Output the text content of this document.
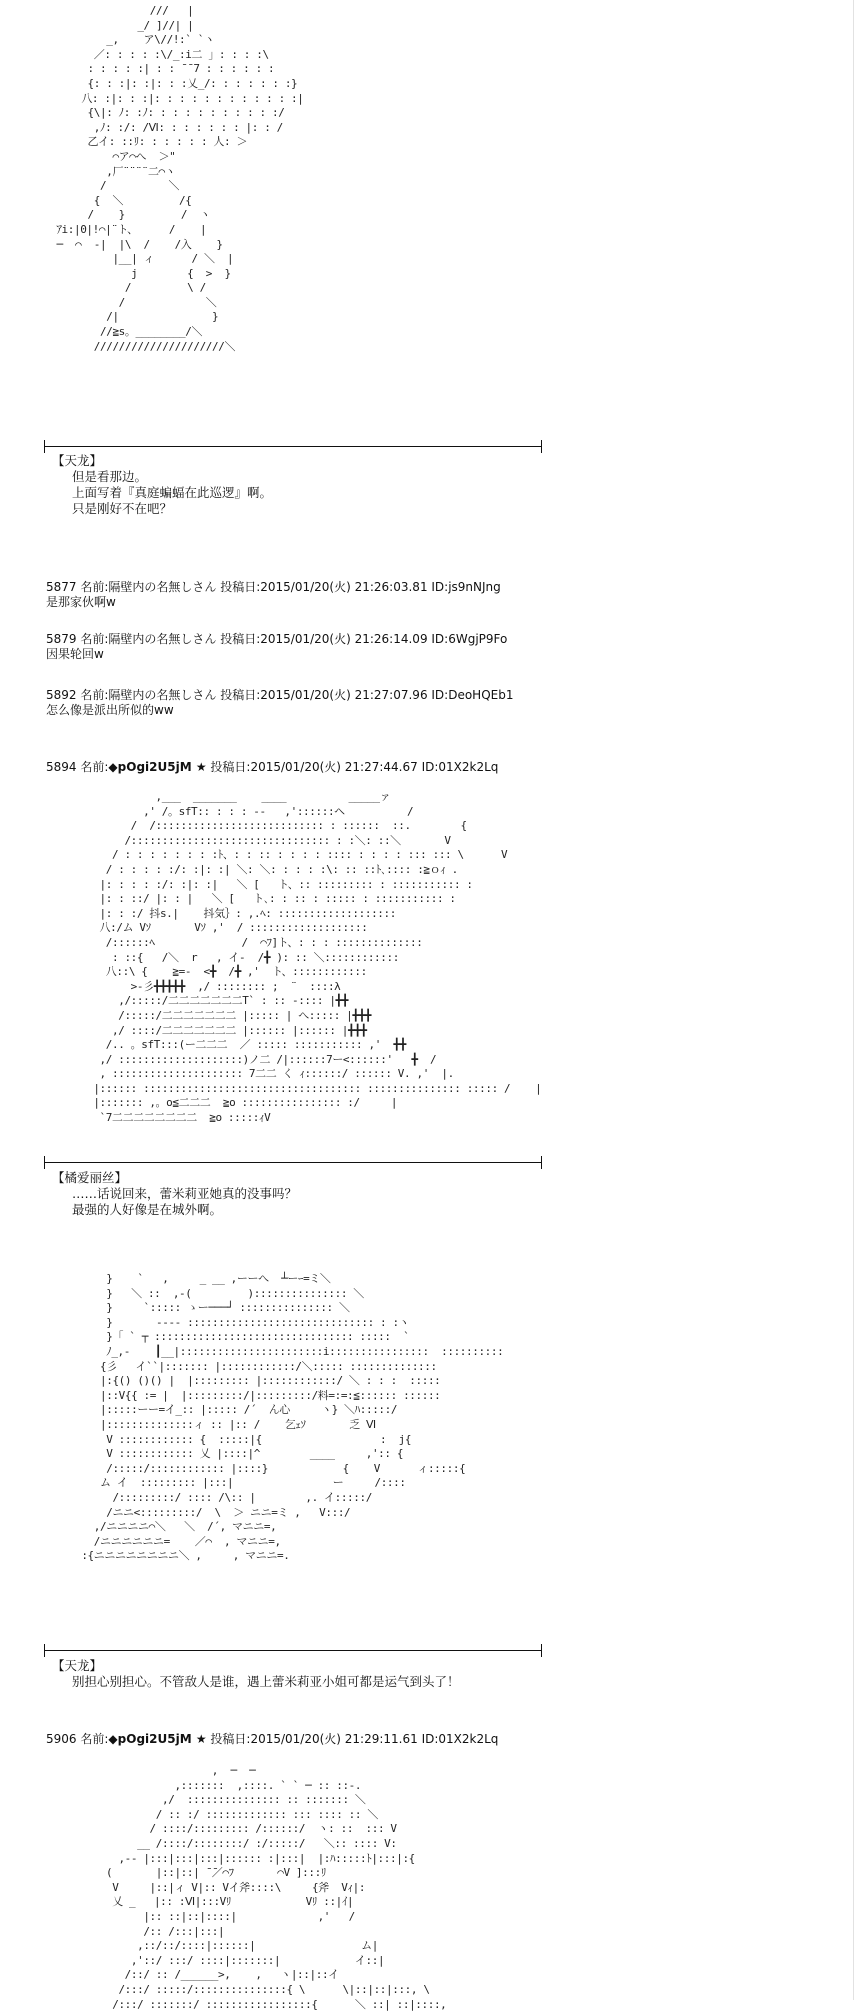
///   |
_/ ]//| |
_,    ア\//!:` `ヽ
／: : : : :\/_:i二 」: : : :\
: : : : :| : : ̄ ̄ 7 : : : : : :
{: : :|: :|: : :乂_/: : : : : : :}
八: :|: : :|: : : : : : : : : : : :|
{\|: ﾉ: :ﾉ: : : : : : : : : : :/
,ﾉ: :/: /Ⅵ: : : : : : : |: : /
乙イ: ::ﾘ: : : : : : 人: ＞
⌒ア⌒へ  ＞"
,厂¨¨¨¨二⌒ヽ
/          ＼
{  ＼         /{
/    }         /  ヽ
ｱi:|0|!⌒|¨ト、     /    |
─  ⌒  -|  |\  /    /入    }
|__| ィ      / ＼  |
j        {  >  }
/         \ /
/             ＼
/|               }
//≧s。________/＼
/////////////////////＼
【天龙】
但是看那边。
上面写着『真庭蝙蝠在此巡逻』啊。
只是刚好不在吧？
5877 名前:隔壁内の名無しさん 投稿日:2015/01/20(火) 21:26:03.81 ID:js9nNJng
是那家伙啊w
5879 名前:隔壁内の名無しさん 投稿日:2015/01/20(火) 21:26:14.09 ID:6WgjP9Fo
因果轮回w
5892 名前:隔壁内の名無しさん 投稿日:2015/01/20(火) 21:27:07.96 ID:DeoHQEb1
怎么像是派出所似的ww
5894 名前:◆pOgi2U5jM ★ 投稿日:2015/01/20(火) 21:27:44.67 ID:01X2k2Lq
,___  _______    ____          _____ァ
,' /。sfT:: : : : --   ,'::::::ヘ          /
/  /::::::::::::::::::::::::::: : ::::::  ::.        {
/:::::::::::::::::::::::::::::::: : :＼: ::＼       V
/ : : : : : : : :ﾄ、: : :: : : : : :::: : : : : ::: ::: \      V
/ : : : : :/: :|: :| ＼: ＼: : : : :\: :: ::ﾄ､:::: :≧ｏｨ .
|: : : : :/: :|: :|   ＼ [   ト、:: ::::::::: : ::::::::::: :
|: : ::/ |: : |   ＼ [   ト､: : :: : ::::: : ::::::::::: :
|: : :/ 抖s.|    抖気｝: ,.ﾍ: :::::::::::::::::::
八:/ム Vｿ       Vｿ ,'  / :::::::::::::::::::
/::::::ﾍ              /  ⌒ﾌ]ト、: : : ::::::::::::::
: ::{   /＼  r   , イ-  /╋ ): :: ＼::::::::::::
八::\ {    ≧=-  <╋  /╋ ,'  ト、::::::::::::
>-彡╋╋╋╋╋  ,/ :::::::: ;  ¨  ::::λ
,/:::::/二二二二二二二T` : :: -:::: |╋╋
/:::::/二二二二二二二 |::::: | へ::::: |╋╋╋
,/ ::::/二二二二二二二 |:::::: |:::::: |╋╋╋
/.. 。sfT:::(ー二二二  ／ ::::: ::::::::::: ,'  ╋╋
,/ ::::::::::::::::::::)ノ二 /|::::::7ー<::::::'   ╋  /
, ::::::::::::::::::::: 7二二 く ｨ::::::/ :::::: V. ,'  |.
|:::::: ::::::::::::::::::::::::::::::::::: ::::::::::::::: ::::: /    |
|::::::: ,。o≦二二二  ≧o :::::::::::::::: :/     |
`7二二二二二二二二  ≧o :::::ｨV
【橘爱丽丝】
……话说回来，蕾米莉亚她真的没事吗？
最强的人好像是在城外啊。
}    `   ,     _ __ ,ーーへ  ┴ーｰ=ミ＼
}   ＼ ::  ,-(         )::::::::::::::: ＼
}     `::::: ゝー───┘ ::::::::::::::: ＼
}       ---- :::::::::::::::::::::::::::::: : :ヽ
}「 ` ┬ :::::::::::::::::::::::::::::::: :::::  `
ﾉ_,-    ┃__|:::::::::::::::::::::::i::::::::::::::::  ::::::::::
{彡   イ``|::::::: |::::::::::::/＼::::: ::::::::::::::
|:{() ()() |  |::::::::: |::::::::::::/ ＼ : : :  :::::
|::V{{ := |  |:::::::::/|:::::::::/料=:=:≦:::::: ::::::
|:::::ーー=イ_:: |::::: /´  ん心     ヽ} ＼ﾊ:::::/
|::::::::::::::ィ :: |:: /    乞ｪｿ       乏 Ⅵ
V :::::::::::: {  :::::|{                   :  j{
V :::::::::::: 乂 |::::|^        ____     ,':: {
/:::::/:::::::::::: |::::}            {    V      ィ:::::{
ム イ  ::::::::: |:::|                ー     /::::
/:::::::::/ :::: /\:: |        ,. イ:::::/
/ニニ<:::::::::/  \  ＞ ニニ=ミ ,   V:::/
,/ニニニニ⌒＼   ＼  /´, マニニ=,
/ニニニニニニ=    ／⌒  , マニニ=,
:{ニニニニニニニニ＼ ,     , マニニ=.
【天龙】
别担心别担心。不管敌人是谁，遇上蕾米莉亚小姐可都是运气到头了！
5906 名前:◆pOgi2U5jM ★ 投稿日:2015/01/20(火) 21:29:11.61 ID:01X2k2Lq
,  ─  ─
,:::::::  ,::::. ` ` ─ :: ::-.
,/  ::::::::::::::: :: ::::::: ＼
/ :: :/ ::::::::::::: ::: :::: :: ＼
/ ::::/::::::::: /::::::/  ヽ: ::  ::: V
__ /::::/::::::::/ :/:::::/   ＼:: :::: V:
,-- |:::|:::|:::|:::::: :|:::|  |:ﾊ:::::ﾄ|:::|:{
(       |::|::| ̄ ̄／⌒ﾌ       ⌒V ]:::ﾘ
V     |::|ィ V|:: Vイ斧::::\     {斧  Vｨ|:
乂 _   |:: :Ⅵ|:::Vﾘ            Vﾘ ::|ｲ|
|:: ::|::|::::|             ,'   /
/:: /:::|:::|
,::/::/::::|::::::|                 ム|
,'::/ :::/ ::::|:::::::|            イ::|
/::/ :: /______>,    ,   ヽ|::|::イ
/:::/ :::::/:::::::::::::::{ \      \|::|::|:::, \
/:::/ :::::::/ :::::::::::::::::{      ＼ ::| ::|::::,
